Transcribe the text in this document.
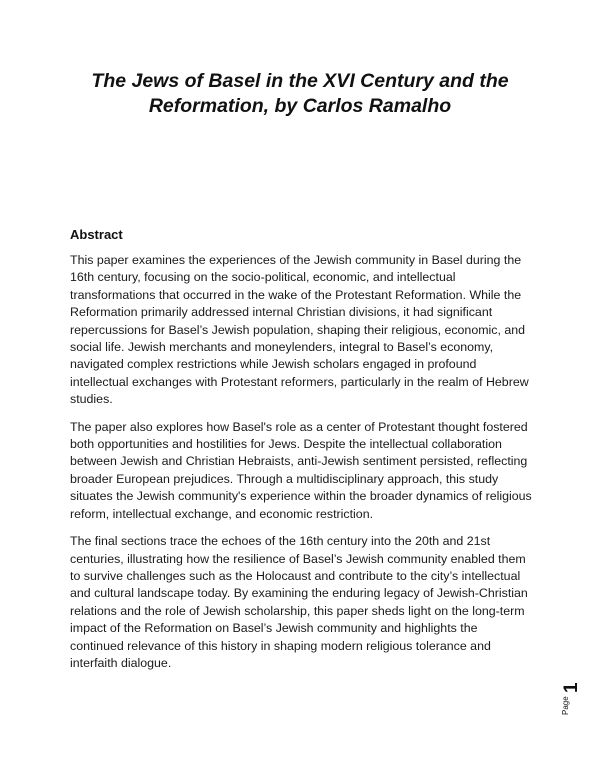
The Jews of Basel in the XVI Century and the Reformation, by Carlos Ramalho
Abstract

This paper examines the experiences of the Jewish community in Basel during the 16th century, focusing on the socio-political, economic, and intellectual transformations that occurred in the wake of the Protestant Reformation. While the Reformation primarily addressed internal Christian divisions, it had significant repercussions for Basel’s Jewish population, shaping their religious, economic, and social life. Jewish merchants and moneylenders, integral to Basel’s economy, navigated complex restrictions while Jewish scholars engaged in profound intellectual exchanges with Protestant reformers, particularly in the realm of Hebrew studies.

The paper also explores how Basel's role as a center of Protestant thought fostered both opportunities and hostilities for Jews. Despite the intellectual collaboration between Jewish and Christian Hebraists, anti-Jewish sentiment persisted, reflecting broader European prejudices. Through a multidisciplinary approach, this study situates the Jewish community's experience within the broader dynamics of religious reform, intellectual exchange, and economic restriction.

The final sections trace the echoes of the 16th century into the 20th and 21st centuries, illustrating how the resilience of Basel’s Jewish community enabled them to survive challenges such as the Holocaust and contribute to the city’s intellectual and cultural landscape today. By examining the enduring legacy of Jewish-Christian relations and the role of Jewish scholarship, this paper sheds light on the long-term impact of the Reformation on Basel’s Jewish community and highlights the continued relevance of this history in shaping modern religious tolerance and interfaith dialogue.

1
Page
